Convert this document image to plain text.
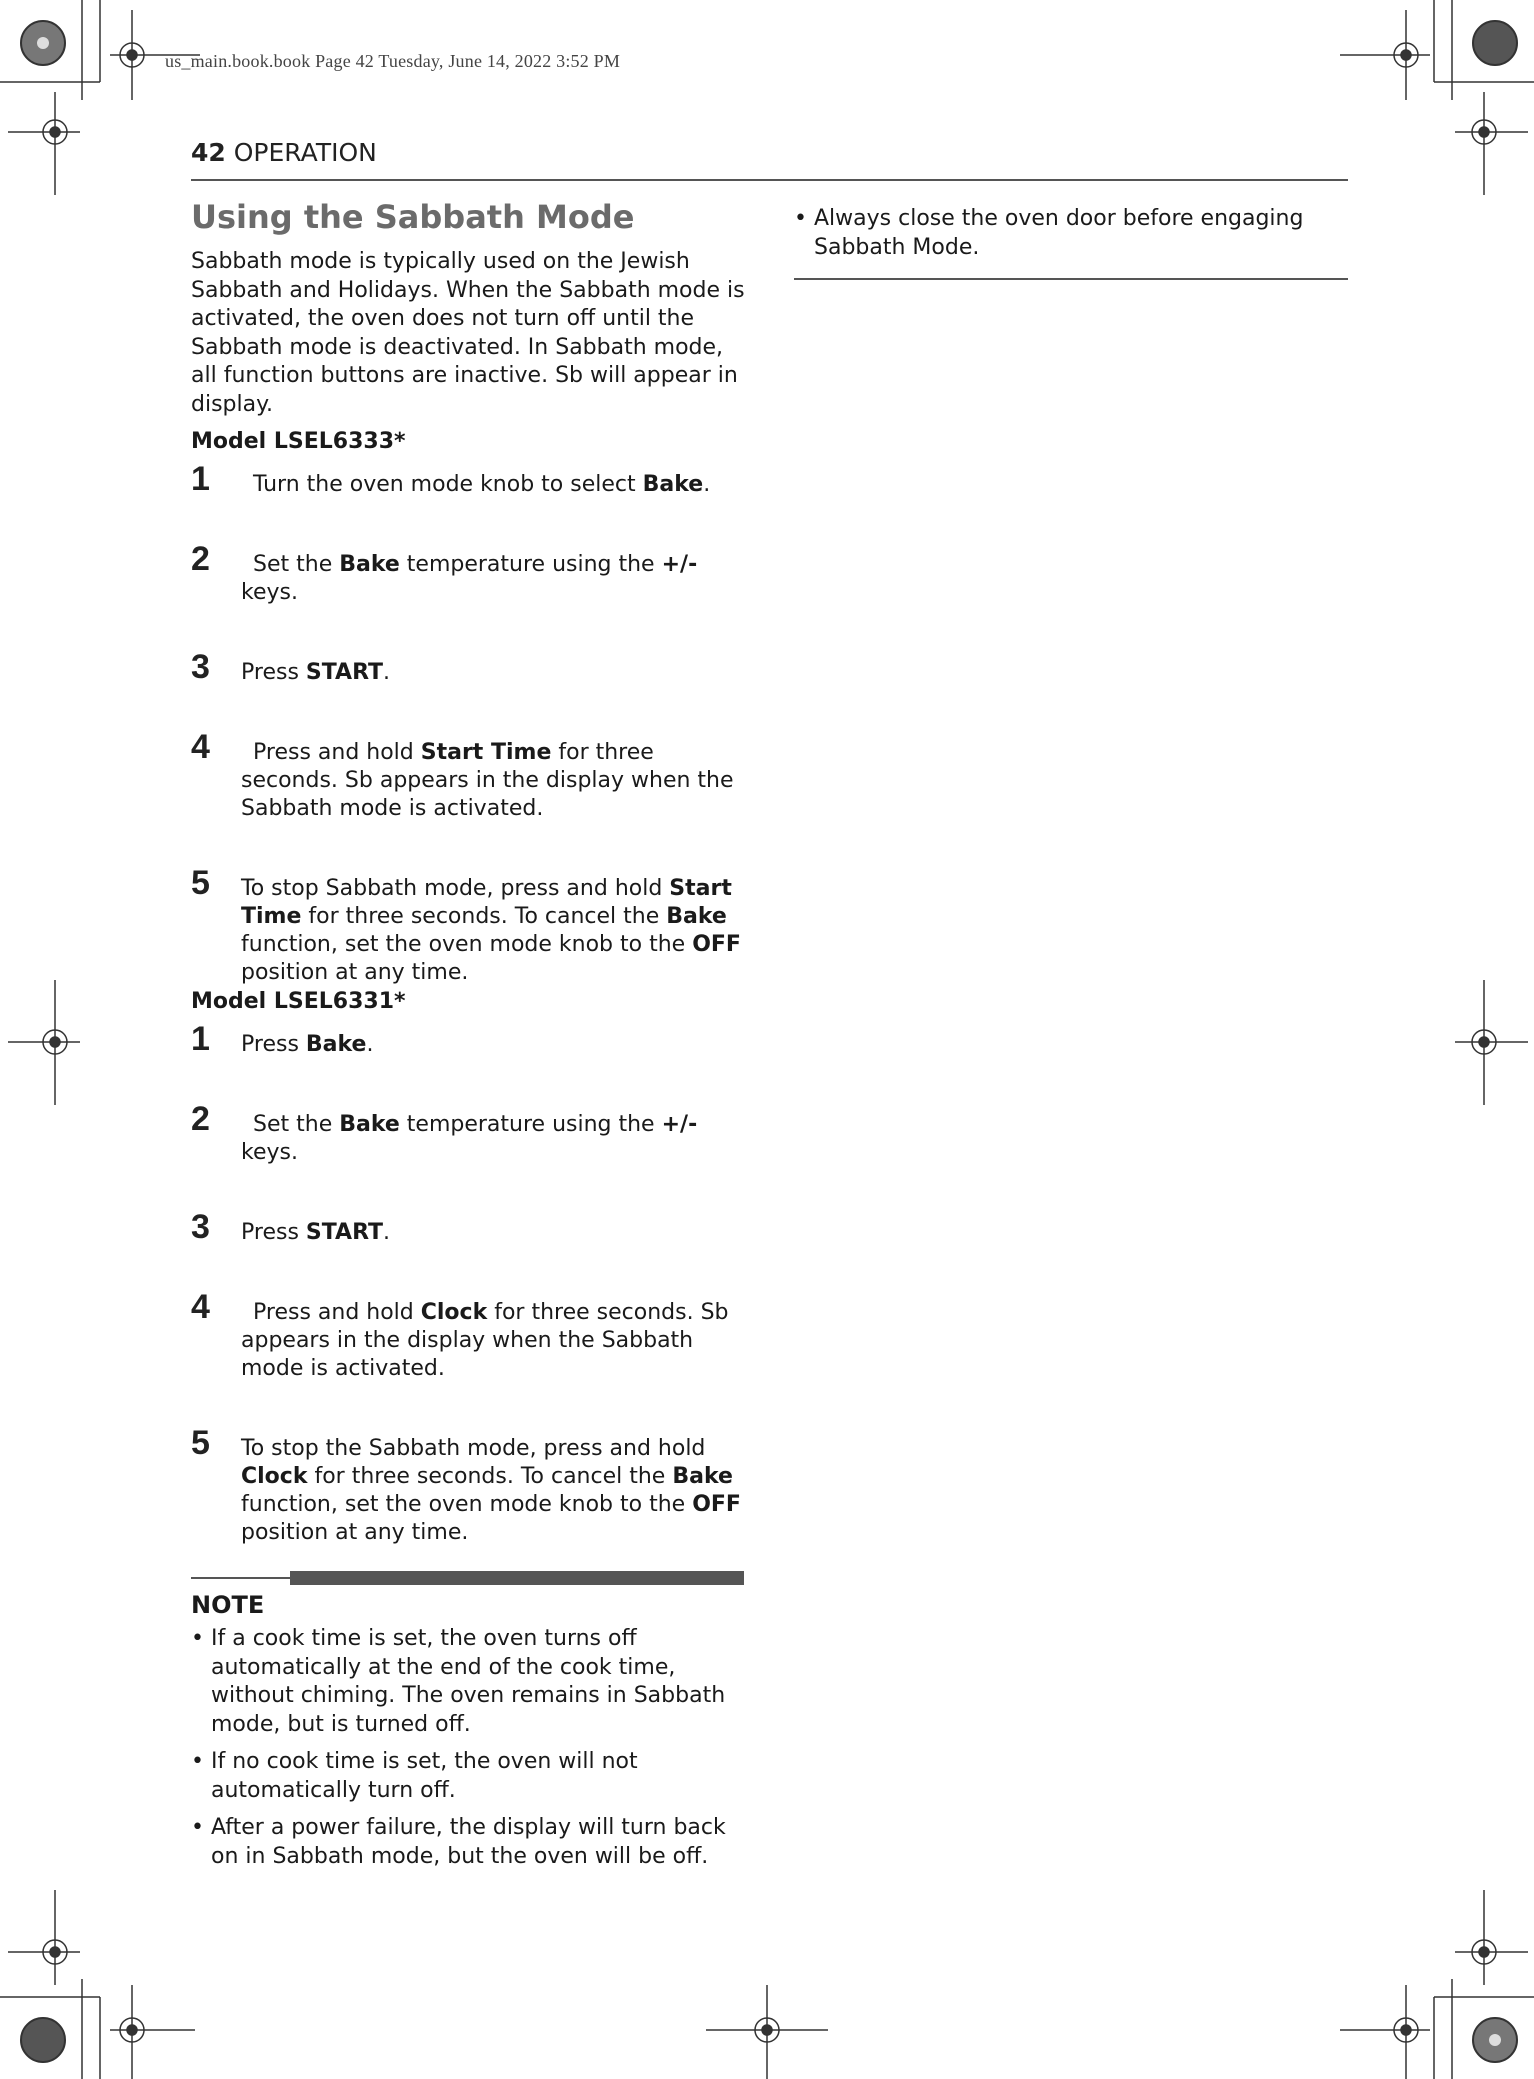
us_main.book.book Page 42 Tuesday, June 14, 2022 3:52 PM
42 OPERATION
Using the Sabbath Mode

Sabbath mode is typically used on the Jewish Sabbath and Holidays. When the Sabbath mode is activated, the oven does not turn off until the Sabbath mode is deactivated. In Sabbath mode, all function buttons are inactive. Sb will appear in display.

Model LSEL6333*

1	Turn the oven mode knob to select Bake.
2	Set the Bake temperature using the +/- keys.
3	Press START.
4	Press and hold Start Time for three seconds. Sb appears in the display when the Sabbath mode is activated.
5	To stop Sabbath mode, press and hold Start Time for three seconds. To cancel the Bake function, set the oven mode knob to the OFF position at any time.

Model LSEL6331*

1	Press Bake.
2	Set the Bake temperature using the +/- keys.
3	Press START.
4	Press and hold Clock for three seconds. Sb appears in the display when the Sabbath mode is activated.
5	To stop the Sabbath mode, press and hold Clock for three seconds. To cancel the Bake function, set the oven mode knob to the OFF position at any time.
NOTE
• If a cook time is set, the oven turns off automatically at the end of the cook time, without chiming. The oven remains in Sabbath mode, but is turned off.
• If no cook time is set, the oven will not automatically turn off.
• After a power failure, the display will turn back on in Sabbath mode, but the oven will be off.
• Always close the oven door before engaging Sabbath Mode.
